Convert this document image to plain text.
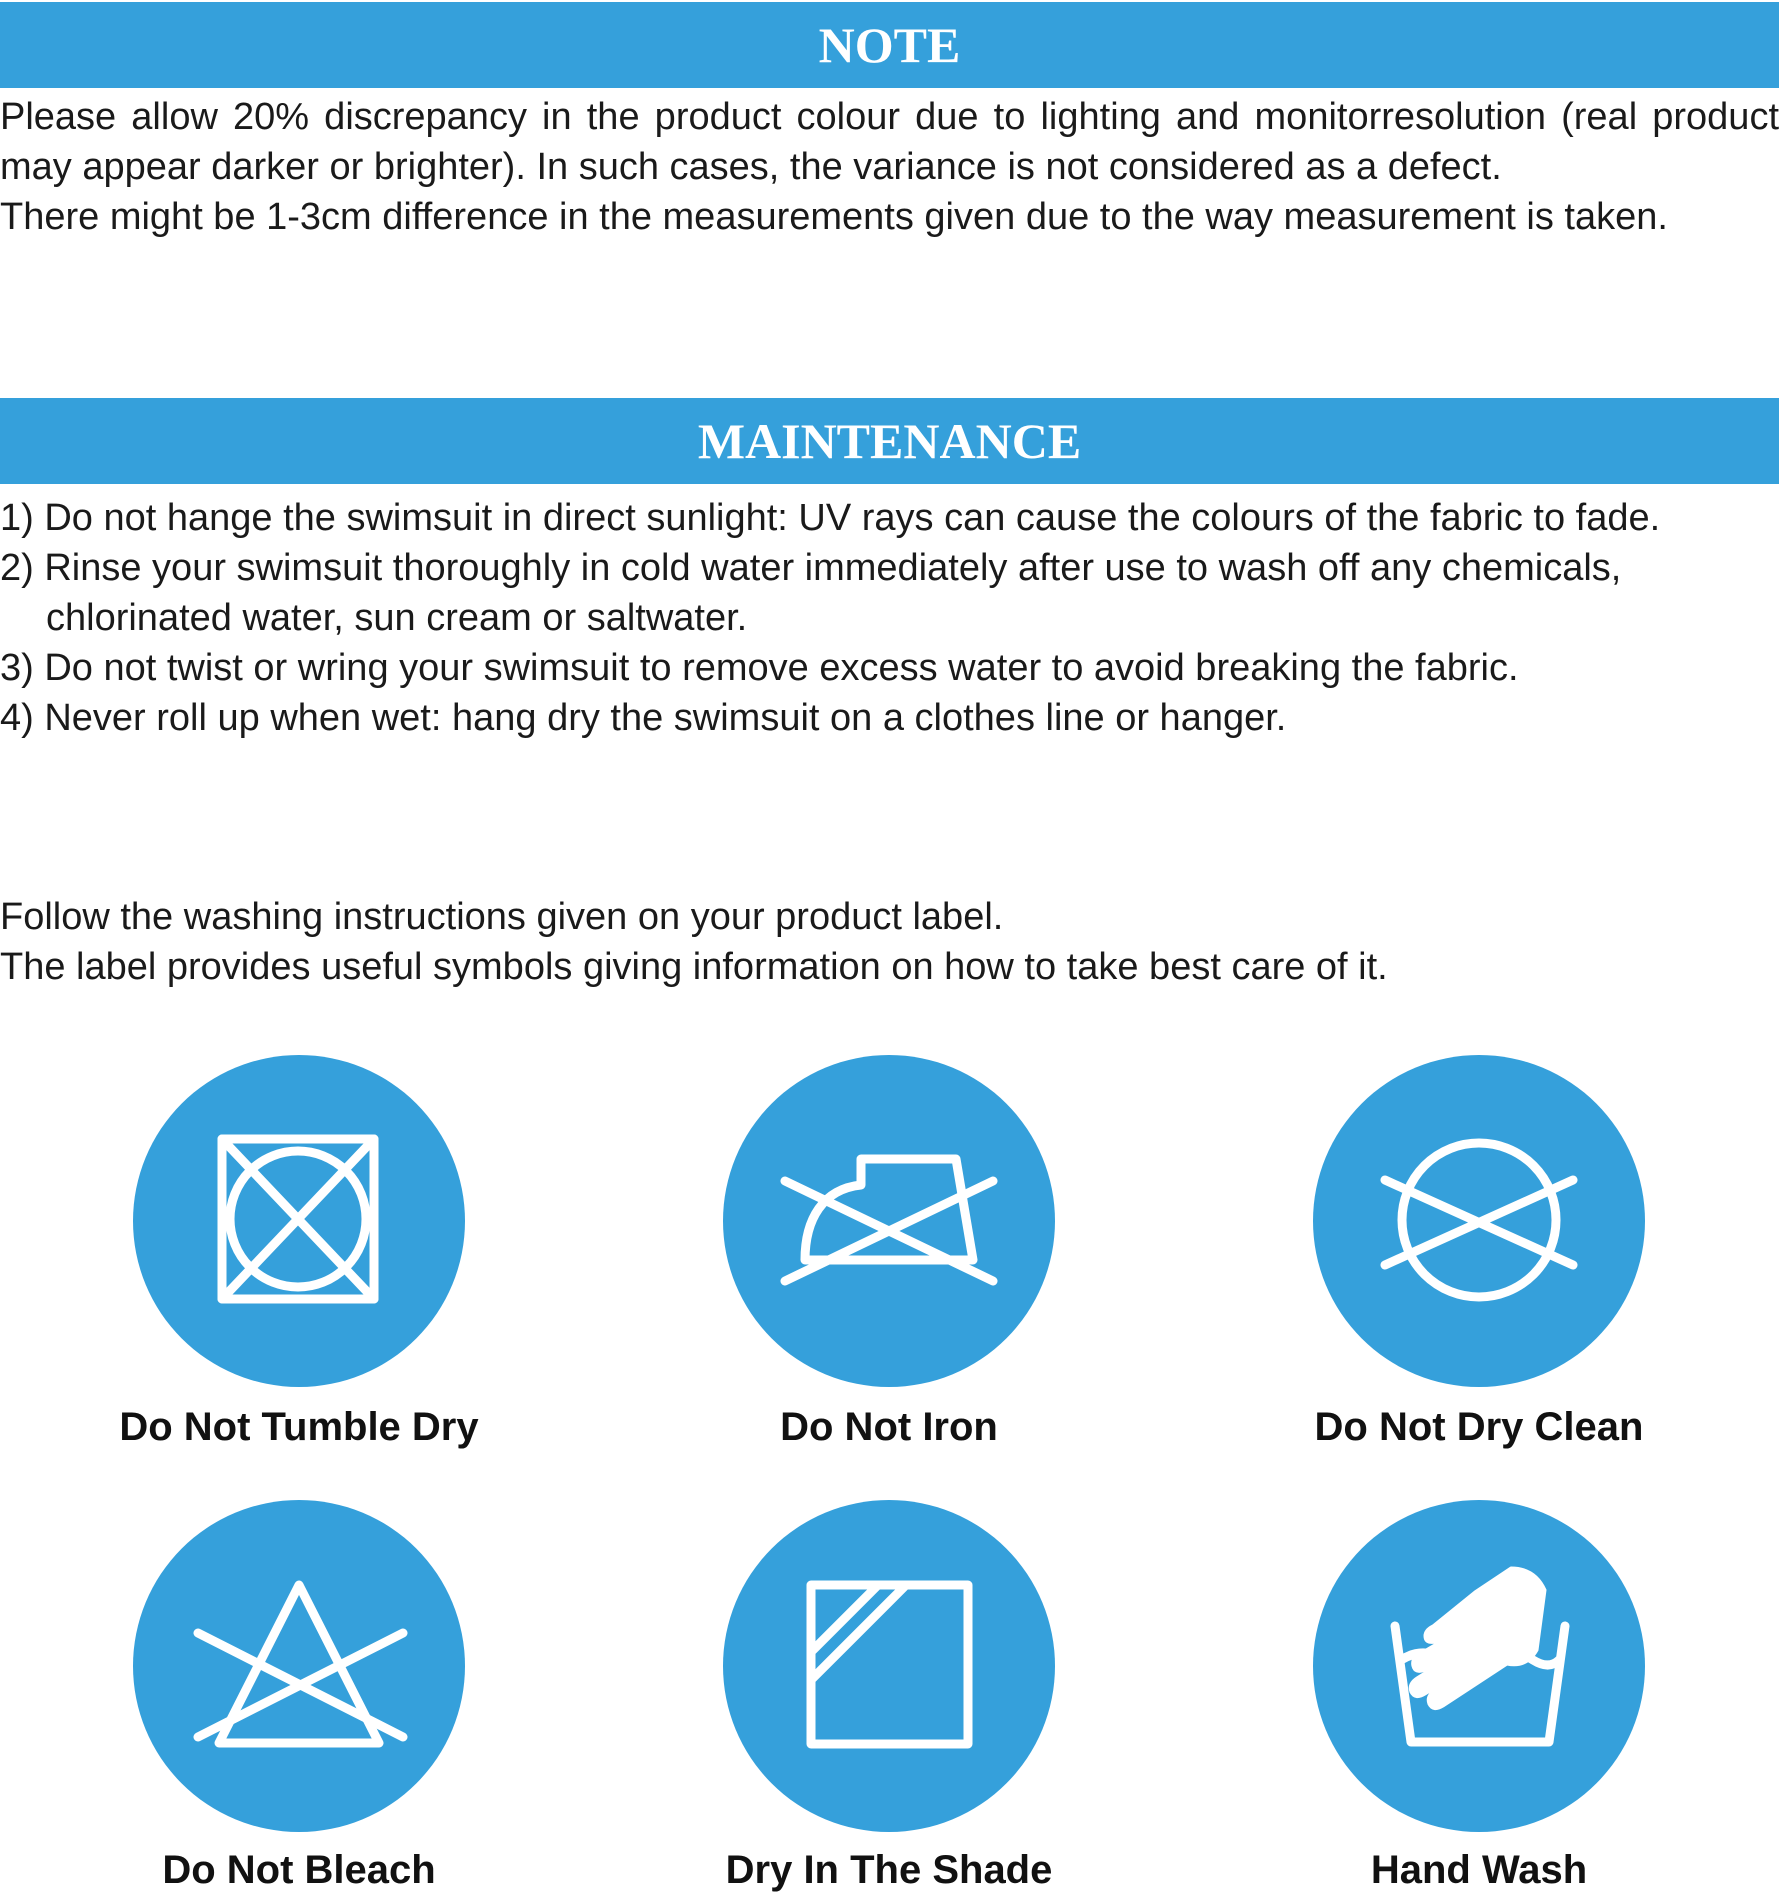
NOTE

Please allow 20% discrepancy in the product colour due to lighting and monitorresolution (real product may appear darker or brighter). In such cases, the variance is not considered as a defect.

There might be 1-3cm difference in the measurements given due to the way measurement is taken.

MAINTENANCE
1) Do not hange the swimsuit in direct sunlight: UV rays can cause the colours of the fabric to fade.
2) Rinse your swimsuit thoroughly in cold water immediately after use to wash off any chemicals, chlorinated water, sun cream or saltwater.
3) Do not twist or wring your swimsuit to remove excess water to avoid breaking the fabric.
4) Never roll up when wet: hang dry the swimsuit on a clothes line or hanger.

Follow the washing instructions given on your product label.

The label provides useful symbols giving information on how to take best care of it.

Do Not Tumble Dry	Do Not Iron	Do Not Dry Clean
Do Not Bleach	Dry In The Shade	Hand Wash
